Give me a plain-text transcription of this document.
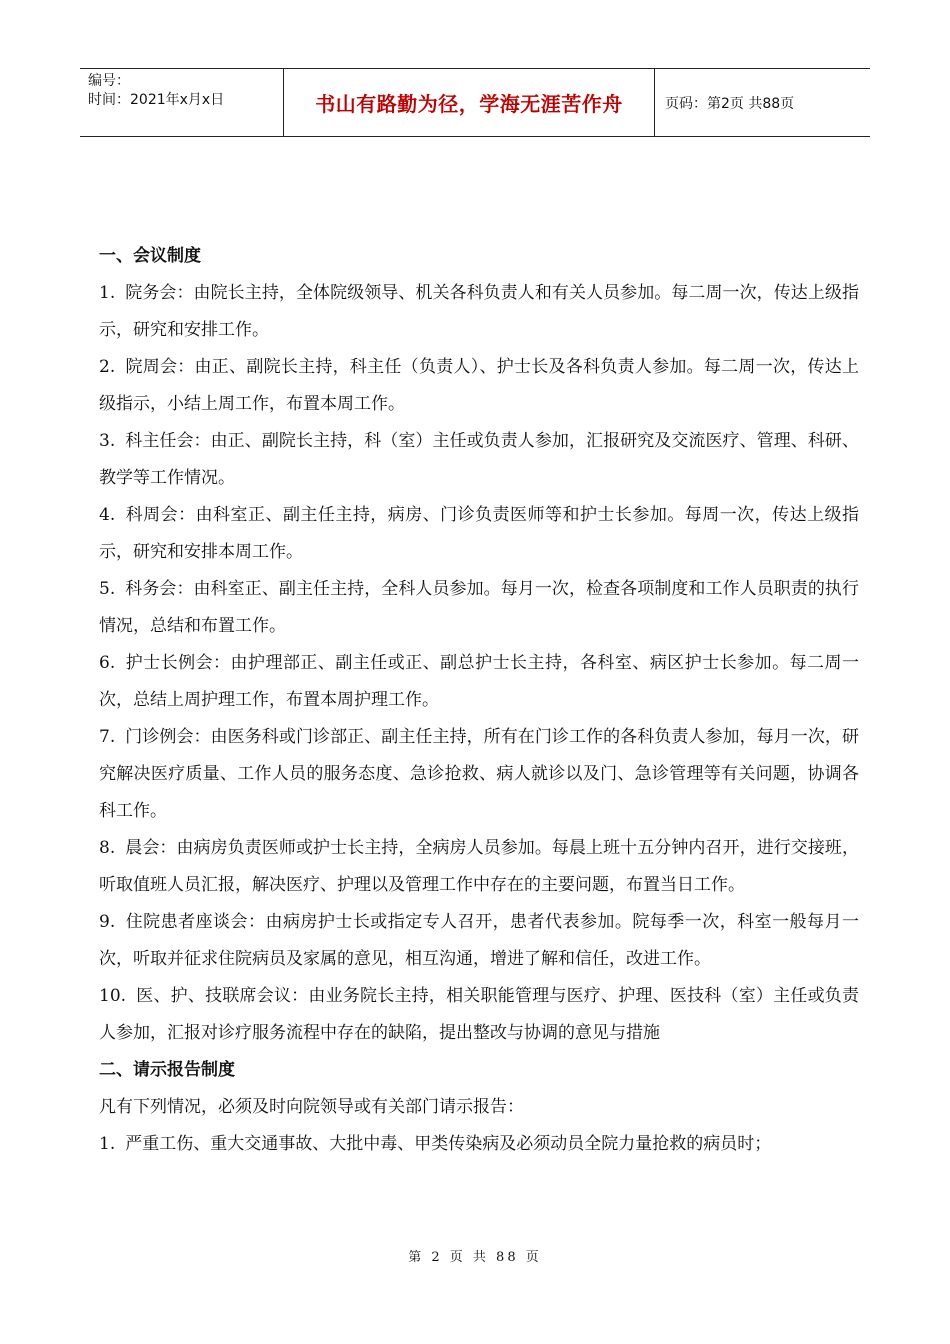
编号：
时间：2021年x月x日	书山有路勤为径，学海无涯苦作舟	页码：第2页 共88页
一、会议制度
1. 院务会：由院长主持，全体院级领导、机关各科负责人和有关人员参加。每二周一次，传达上级指示，研究和安排工作。
2. 院周会：由正、副院长主持，科主任（负责人）、护士长及各科负责人参加。每二周一次，传达上级指示，小结上周工作，布置本周工作。
3. 科主任会：由正、副院长主持，科（室）主任或负责人参加，汇报研究及交流医疗、管理、科研、教学等工作情况。
4. 科周会：由科室正、副主任主持，病房、门诊负责医师等和护士长参加。每周一次，传达上级指示，研究和安排本周工作。
5. 科务会：由科室正、副主任主持，全科人员参加。每月一次，检查各项制度和工作人员职责的执行情况，总结和布置工作。
6. 护士长例会：由护理部正、副主任或正、副总护士长主持，各科室、病区护士长参加。每二周一次，总结上周护理工作，布置本周护理工作。
7. 门诊例会：由医务科或门诊部正、副主任主持，所有在门诊工作的各科负责人参加，每月一次，研究解决医疗质量、工作人员的服务态度、急诊抢救、病人就诊以及门、急诊管理等有关问题，协调各科工作。
8. 晨会：由病房负责医师或护士长主持，全病房人员参加。每晨上班十五分钟内召开，进行交接班，听取值班人员汇报，解决医疗、护理以及管理工作中存在的主要问题，布置当日工作。
9. 住院患者座谈会：由病房护士长或指定专人召开，患者代表参加。院每季一次，科室一般每月一次，听取并征求住院病员及家属的意见，相互沟通，增进了解和信任，改进工作。
10. 医、护、技联席会议：由业务院长主持，相关职能管理与医疗、护理、医技科（室）主任或负责人参加，汇报对诊疗服务流程中存在的缺陷，提出整改与协调的意见与措施
二、请示报告制度
凡有下列情况，必须及时向院领导或有关部门请示报告：
1. 严重工伤、重大交通事故、大批中毒、甲类传染病及必须动员全院力量抢救的病员时；
第 2 页 共 88 页
